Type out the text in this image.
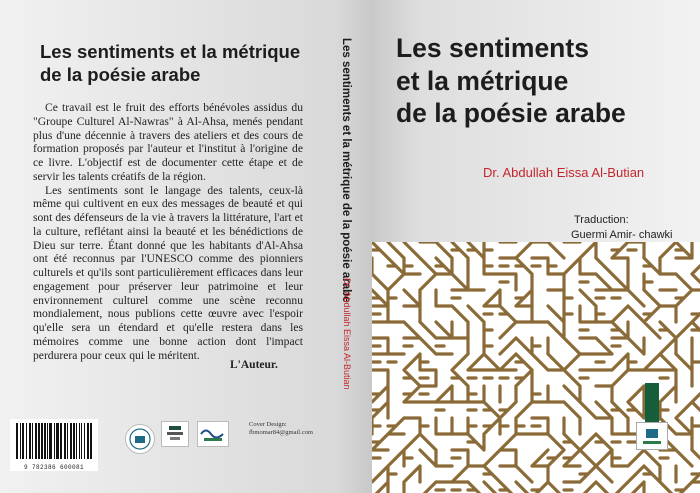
Les sentiments et la métrique de la poésie arabe

Ce travail est le fruit des efforts bénévoles assidus du "Groupe Culturel Al-Nawras" à Al-Ahsa, menés pendant plus d'une décennie à travers des ateliers et des cours de formation proposés par l'auteur et l'institut à l'origine de ce livre. L'objectif est de documenter cette étape et de servir les talents créatifs de la région.

Les sentiments sont le langage des talents, ceux-là même qui cultivent en eux des messages de beauté et qui sont des défenseurs de la vie à travers la littérature, l'art et la culture, reflétant ainsi la beauté et les bénédictions de Dieu sur terre. Étant donné que les habitants d'Al-Ahsa ont été reconnus par l'UNESCO comme des pionniers culturels et qu'ils sont particulièrement efficaces dans leur engagement pour préserver leur patrimoine et leur environnement culturel comme une scène reconnu mondialement, nous publions cette œuvre avec l'espoir qu'elle sera un étendard et qu'elle restera dans les mémoires comme une bonne action dont l'impact perdurera pour ceux qui le méritent.

L'Auteur.
9 782386 600081
Cover Design:
fbmomar84@gmail.com
Les sentiments et la métrique de la poésie arabe
Dr. Abdullah Eissa Al-Butian
Les sentiments
et la métrique
de la poésie arabe
Dr. Abdullah Eissa Al-Butian
Traduction:
Guermi Amir- chawki
